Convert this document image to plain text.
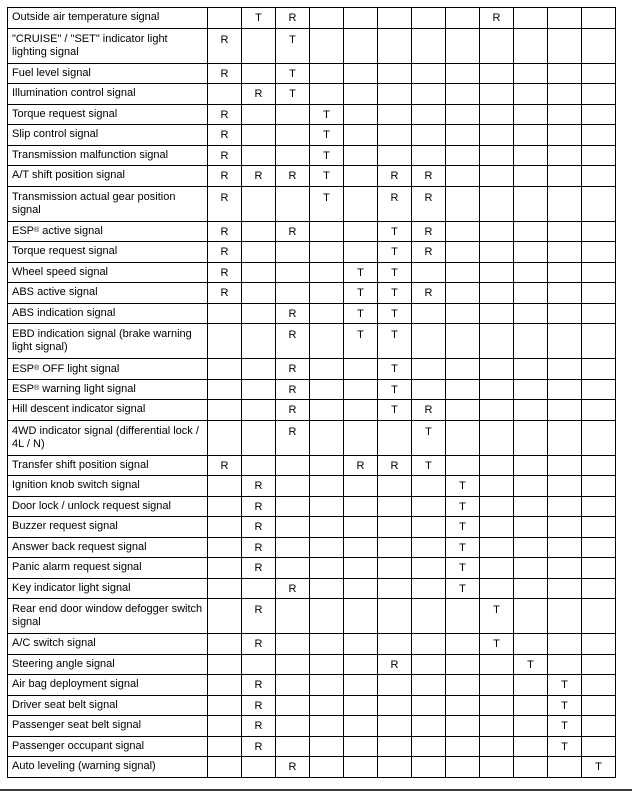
Outside air temperature signal		T	R						R			
"CRUISE" / "SET" indicator light lighting signal	R		T									
Fuel level signal	R		T									
Illumination control signal		R	T									
Torque request signal	R			T								
Slip control signal	R			T								
Transmission malfunction signal	R			T								
A/T shift position signal	R	R	R	T		R	R					
Transmission actual gear position signal	R			T		R	R					
ESP® active signal	R		R			T	R					
Torque request signal	R					T	R					
Wheel speed signal	R				T	T						
ABS active signal	R				T	T	R					
ABS indication signal			R		T	T						
EBD indication signal (brake warning light signal)			R		T	T						
ESP® OFF light signal			R			T						
ESP® warning light signal			R			T						
Hill descent indicator signal			R			T	R					
4WD indicator signal (differential lock / 4L / N)			R				T					
Transfer shift position signal	R				R	R	T					
Ignition knob switch signal		R						T				
Door lock / unlock request signal		R						T				
Buzzer request signal		R						T				
Answer back request signal		R						T				
Panic alarm request signal		R						T				
Key indicator light signal			R					T				
Rear end door window defogger switch signal		R							T			
A/C switch signal		R							T			
Steering angle signal						R				T		
Air bag deployment signal		R									T	
Driver seat belt signal		R									T	
Passenger seat belt signal		R									T	
Passenger occupant signal		R									T	
Auto leveling (warning signal)			R									T
